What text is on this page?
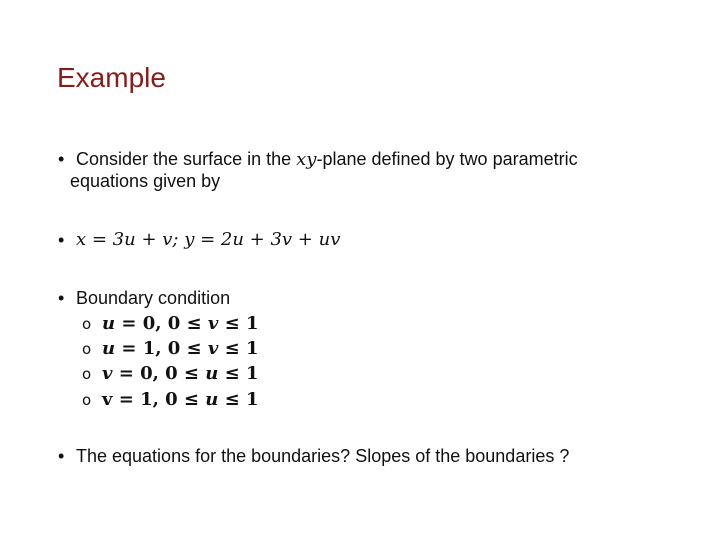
Example
• Consider the surface in the xy-plane defined by two parametric
equations given by
• x = 3u + v; y = 2u + 3v + uv
• Boundary condition
o u = 0, 0 ≤ v ≤ 1
o u = 1, 0 ≤ v ≤ 1
o v = 0, 0 ≤ u ≤ 1
o v = 1, 0 ≤ u ≤ 1
• The equations for the boundaries? Slopes of the boundaries ?
